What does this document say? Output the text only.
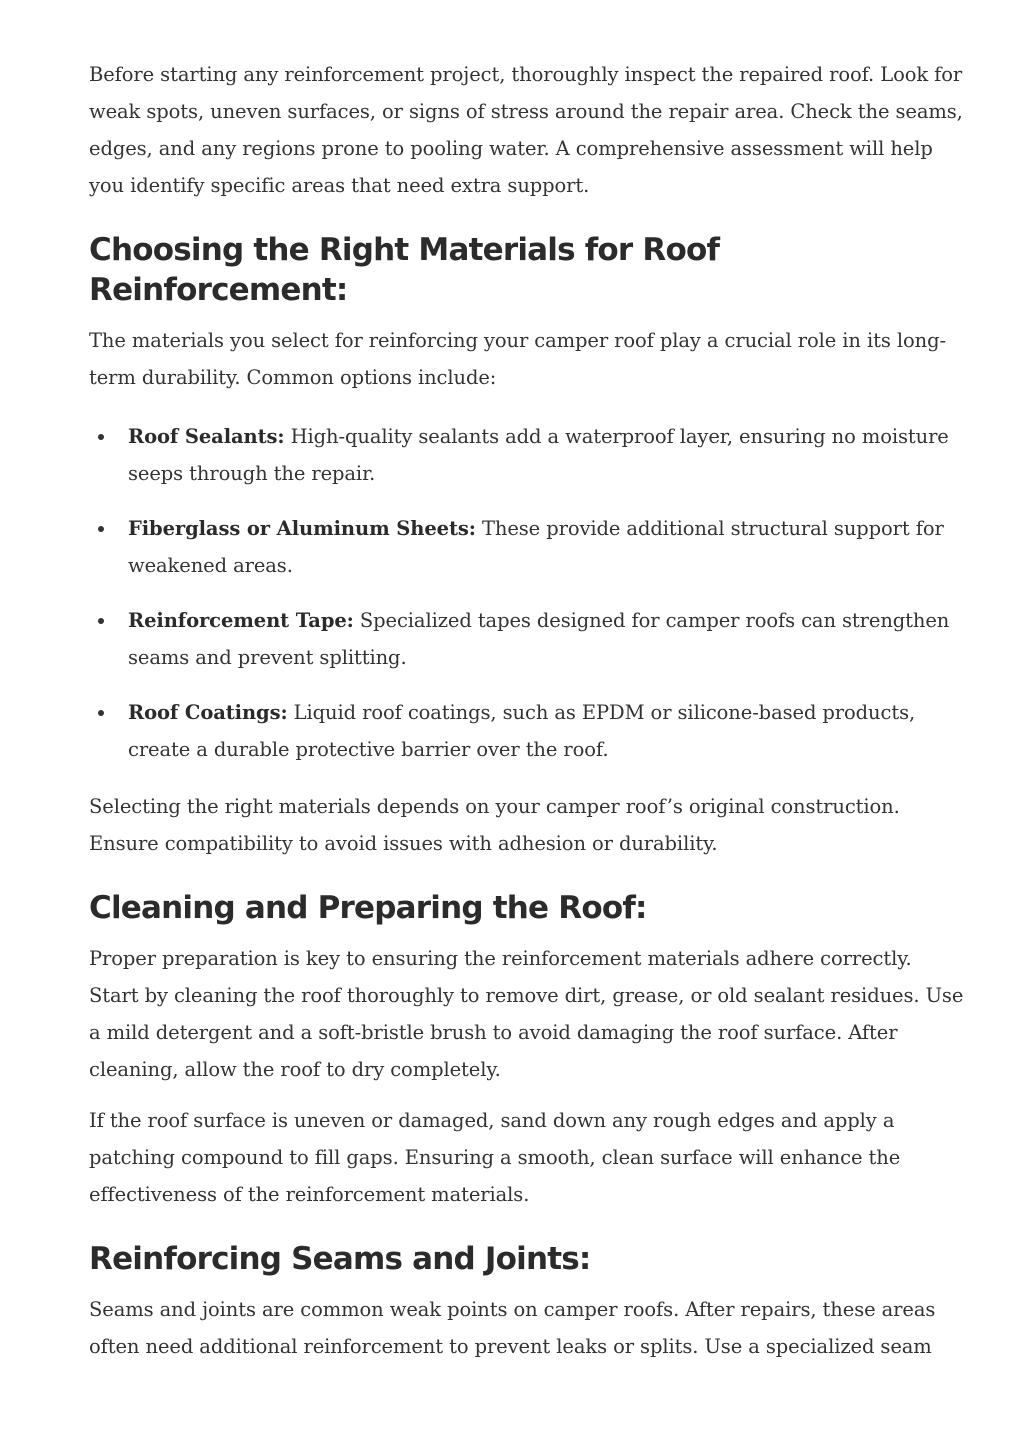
Before starting any reinforcement project, thoroughly inspect the repaired roof. Look for weak spots, uneven surfaces, or signs of stress around the repair area. Check the seams, edges, and any regions prone to pooling water. A comprehensive assessment will help you identify specific areas that need extra support.

Choosing the Right Materials for Roof Reinforcement:

The materials you select for reinforcing your camper roof play a crucial role in its long-term durability. Common options include:

Roof Sealants: High-quality sealants add a waterproof layer, ensuring no moisture seeps through the repair.
Fiberglass or Aluminum Sheets: These provide additional structural support for weakened areas.
Reinforcement Tape: Specialized tapes designed for camper roofs can strengthen seams and prevent splitting.
Roof Coatings: Liquid roof coatings, such as EPDM or silicone-based products, create a durable protective barrier over the roof.

Selecting the right materials depends on your camper roof’s original construction. Ensure compatibility to avoid issues with adhesion or durability.

Cleaning and Preparing the Roof:

Proper preparation is key to ensuring the reinforcement materials adhere correctly. Start by cleaning the roof thoroughly to remove dirt, grease, or old sealant residues. Use a mild detergent and a soft-bristle brush to avoid damaging the roof surface. After cleaning, allow the roof to dry completely.

If the roof surface is uneven or damaged, sand down any rough edges and apply a patching compound to fill gaps. Ensuring a smooth, clean surface will enhance the effectiveness of the reinforcement materials.

Reinforcing Seams and Joints:

Seams and joints are common weak points on camper roofs. After repairs, these areas often need additional reinforcement to prevent leaks or splits. Use a specialized seam
